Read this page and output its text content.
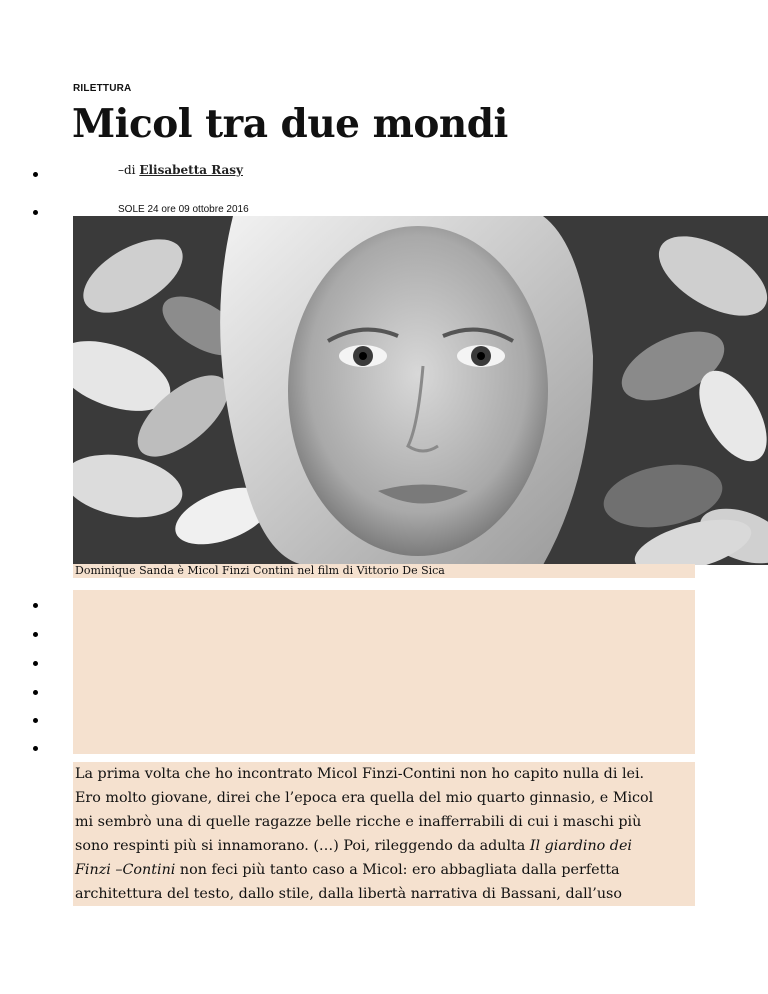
RILETTURA
Micol tra due mondi
–di Elisabetta Rasy
SOLE 24 ore 09 ottobre 2016
Dominique Sanda è Micol Finzi Contini nel film di Vittorio De Sica

La prima volta che ho incontrato Micol Finzi-Contini non ho capito nulla di lei.

Ero molto giovane, direi che l’epoca era quella del mio quarto ginnasio, e Micol

mi sembrò una di quelle ragazze belle ricche e inafferrabili di cui i maschi più

sono respinti più si innamorano. (…) Poi, rileggendo da adulta Il giardino dei

Finzi –Contini non feci più tanto caso a Micol: ero abbagliata dalla perfetta

architettura del testo, dallo stile, dalla libertà narrativa di Bassani, dall’uso
